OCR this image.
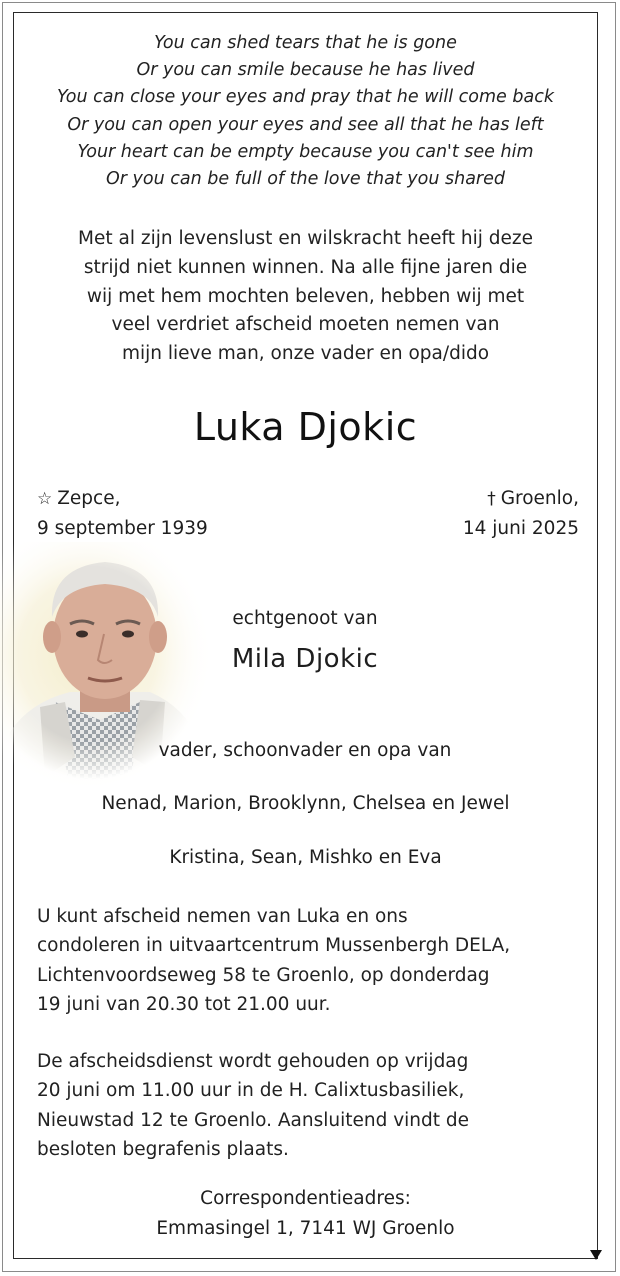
You can shed tears that he is gone
Or you can smile because he has lived
You can close your eyes and pray that he will come back
Or you can open your eyes and see all that he has left
Your heart can be empty because you can't see him
Or you can be full of the love that you shared
Met al zijn levenslust en wilskracht heeft hij deze
strijd niet kunnen winnen. Na alle fijne jaren die
wij met hem mochten beleven, hebben wij met
veel verdriet afscheid moeten nemen van
mijn lieve man, onze vader en opa/dido
Luka Djokic
☆ Zepce,
9 september 1939
† Groenlo,
14 juni 2025
echtgenoot van
Mila Djokic
vader, schoonvader en opa van
Nenad, Marion, Brooklynn, Chelsea en Jewel
Kristina, Sean, Mishko en Eva
U kunt afscheid nemen van Luka en ons
condoleren in uitvaartcentrum Mussenbergh DELA,
Lichtenvoordseweg 58 te Groenlo, op donderdag
19 juni van 20.30 tot 21.00 uur.
De afscheidsdienst wordt gehouden op vrijdag
20 juni om 11.00 uur in de H. Calixtusbasiliek,
Nieuwstad 12 te Groenlo. Aansluitend vindt de
besloten begrafenis plaats.
Correspondentieadres:
Emmasingel 1, 7141 WJ Groenlo
